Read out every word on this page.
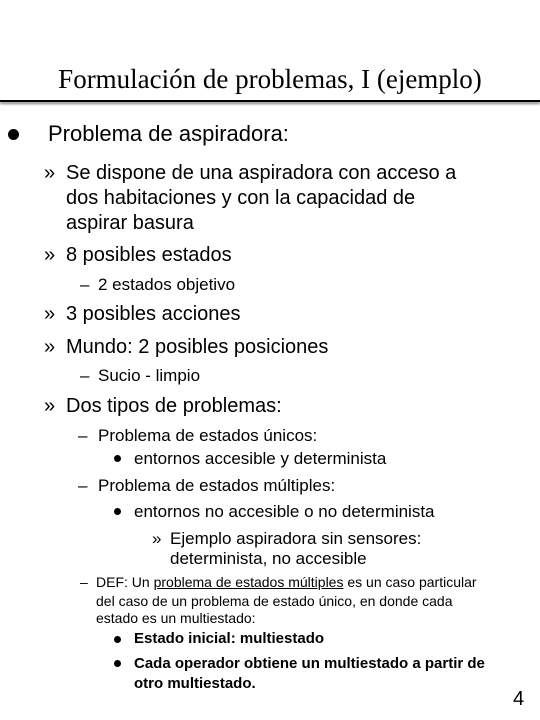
Formulación de problemas, I (ejemplo)
Problema de aspiradora:
» Se dispone de una aspiradora con acceso a
dos habitaciones y con la capacidad de
aspirar basura
» 8 posibles estados
– 2 estados objetivo
» 3 posibles acciones
» Mundo: 2 posibles posiciones
– Sucio - limpio
» Dos tipos de problemas:
– Problema de estados únicos:
entornos accesible y determinista
– Problema de estados múltiples:
entornos no accesible o no determinista
» Ejemplo aspiradora sin sensores:
determinista, no accesible
– DEF: Un problema de estados múltiples es un caso particular
del caso de un problema de estado único, en donde cada
estado es un multiestado:
Estado inicial: multiestado
Cada operador obtiene un multiestado a partir de
otro multiestado.
4
